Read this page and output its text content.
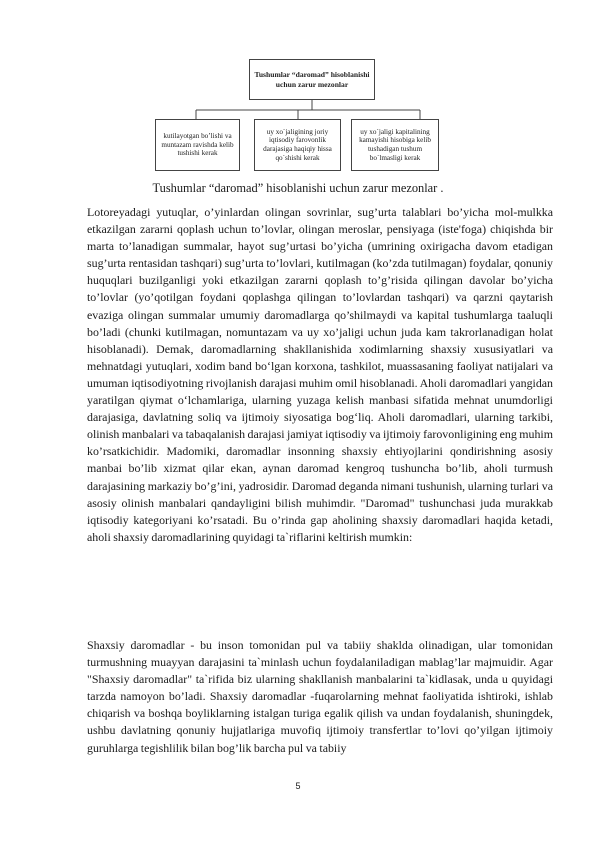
Tushumlar “daromad” hisoblanishi uchun zarur mezonlar
kutilayotgan bo’lishi va muntazam ravishda kelib tushishi kerak
uy xo`jaligining joriy iqtisodiy farovonlik darajasiga haqiqiy hissa qo`shishi kerak
uy xo`jaligi kapitalining kamayishi hisobiga kelib tushadigan tushum bo`lmasligi kerak
Tushumlar “daromad” hisoblanishi uchun zarur mezonlar .

Lotoreyadagi yutuqlar, o’yinlardan olingan sovrinlar, sug’urta talablari bo’yicha mol-mulkka etkazilgan zararni qoplash uchun to’lovlar, olingan meroslar, pensiyaga (iste'foga) chiqishda bir marta to’lanadigan summalar, hayot sug’urtasi bo’yicha (umrining oxirigacha davom etadigan sug’urta rentasidan tashqari) sug’urta to’lovlari, kutilmagan (ko’zda tutilmagan) foydalar, qonuniy huquqlari buzilganligi yoki etkazilgan zararni qoplash to’g’risida qilingan davolar bo’yicha to’lovlar (yo’qotilgan foydani qoplashga qilingan to’lovlardan tashqari) va qarzni qaytarish evaziga olingan summalar umumiy daromadlarga qo’shilmaydi va kapital tushumlarga taaluqli bo’ladi (chunki kutilmagan, nomuntazam va uy xo’jaligi uchun juda kam takrorlanadigan holat hisoblanadi). Demak, daromadlarning shakllanishida xodimlarning shaxsiy xususiyatlari va mehnatdagi yutuqlari, xodim band bo‘lgan korxona, tashkilot, muassasaning faoliyat natijalari va umuman iqtisodiyotning rivojlanish darajasi muhim omil hisoblanadi. Aholi daromadlari yangidan yaratilgan qiymat o‘lchamlariga, ularning yuzaga kelish manbasi sifatida mehnat unumdorligi darajasiga, davlatning soliq va ijtimoiy siyosatiga bog‘liq. Aholi daromadlari, ularning tarkibi, olinish manbalari va tabaqalanish darajasi jamiyat iqtisodiy va ijtimoiy farovonligining eng muhim ko’rsatkichidir. Madomiki, daromadlar insonning shaxsiy ehtiyojlarini qondirishning asosiy manbai bo’lib xizmat qilar ekan, aynan daromad kengroq tushuncha bo’lib, aholi turmush darajasining markaziy bo’g’ini, yadrosidir. Daromad deganda nimani tushunish, ularning turlari va asosiy olinish manbalari qandayligini bilish muhimdir. "Daromad" tushunchasi juda murakkab iqtisodiy kategoriyani ko’rsatadi. Bu o’rinda gap aholining shaxsiy daromadlari haqida ketadi, aholi shaxsiy daromadlarining quyidagi ta`riflarini keltirish mumkin:

Shaxsiy daromadlar - bu inson tomonidan pul va tabiiy shaklda olinadigan, ular tomonidan turmushning muayyan darajasini ta`minlash uchun foydalaniladigan mablag’lar majmuidir. Agar "Shaxsiy daromadlar" ta`rifida biz ularning shakllanish manbalarini ta`kidlasak, unda u quyidagi tarzda namoyon bo’ladi. Shaxsiy daromadlar -fuqarolarning mehnat faoliyatida ishtiroki, ishlab chiqarish va boshqa boyliklarning istalgan turiga egalik qilish va undan foydalanish, shuningdek, ushbu davlatning qonuniy hujjatlariga muvofiq ijtimoiy transfertlar to’lovi qo’yilgan ijtimoiy guruhlarga tegishlilik bilan bog’lik barcha pul va tabiiy

5
